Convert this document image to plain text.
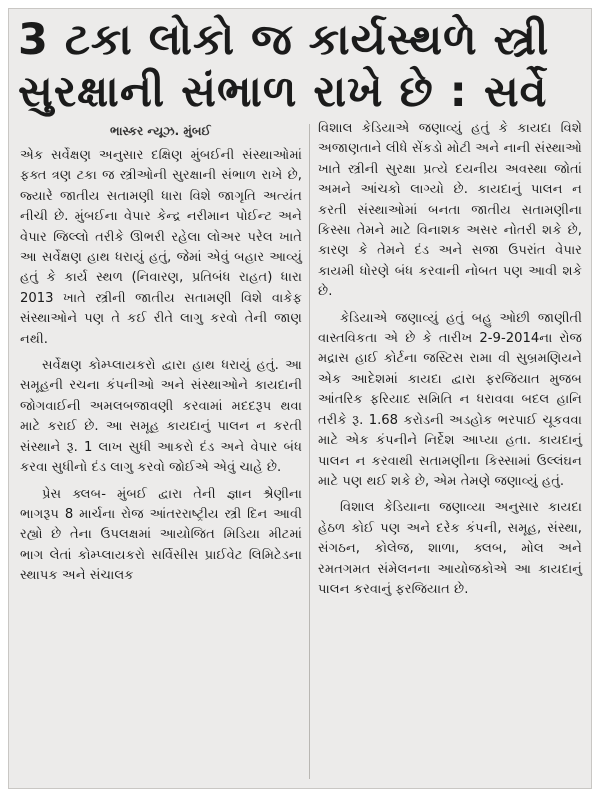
3 ટકા લોકો જ કાર્યસ્થળે સ્ત્રી
સુરક્ષાની સંભાળ રાખે છે : સર્વે
ભાસ્કર ન્યૂઝ. મુંબઈ

એક સર્વેક્ષણ અનુસાર દક્ષિણ મુંબઈની સંસ્થાઓમાં ફક્ત ત્રણ ટકા જ સ્ત્રીઓની સુરક્ષાની સંભાળ રાખે છે, જ્યારે જાતીય સતામણી ધારા વિશે જાગૃતિ અત્યંત નીચી છે. મુંબઈના વેપાર કેન્દ્ર નરીમાન પોઈન્ટ અને વેપાર જિલ્લો તરીકે ઊભરી રહેલા લોઅર પરેલ ખાતે આ સર્વેક્ષણ હાથ ધરાયું હતું, જેમાં એવું બહાર આવ્યું હતું કે કાર્ય સ્થળ (નિવારણ, પ્રતિબંધ રાહત) ધારા 2013 ખાતે સ્ત્રીની જાતીય સતામણી વિશે વાકેફ સંસ્થાઓને પણ તે કઈ રીતે લાગુ કરવો તેની જાણ નથી.

સર્વેક્ષણ કોમ્પ્લાયકરો દ્વારા હાથ ધરાયું હતું. આ સમૂહની રચના કંપનીઓ અને સંસ્થાઓને કાયદાની જોગવાઈની અમલબજાવણી કરવામાં મદદરૂપ થવા માટે કરાઈ છે. આ સમૂહ કાયદાનું પાલન ન કરતી સંસ્થાને રૂ. 1 લાખ સુધી આકરો દંડ અને વેપાર બંધ કરવા સુધીનો દંડ લાગુ કરવો જોઈએ એવું ચાહે છે.

પ્રેસ ક્લબ- મુંબઈ દ્વારા તેની જ્ઞાન શ્રેણીના ભાગરૂપ 8 માર્ચના રોજ આંતરરાષ્ટ્રીય સ્ત્રી દિન આવી રહ્યો છે તેના ઉપલક્ષમાં આયોજિત મિડિયા મીટમાં ભાગ લેતાં કોમ્પ્લાયકરો સર્વિસીસ પ્રાઈવેટ લિમિટેડના સ્થાપક અને સંચાલક

વિશાલ કેડિયાએ જણાવ્યું હતું કે કાયદા વિશે અજાણતાને લીધે સેંકડો મોટી અને નાની સંસ્થાઓ ખાતે સ્ત્રીની સુરક્ષા પ્રત્યે દયનીય અવસ્થા જોતાં અમને આંચકો લાગ્યો છે. કાયદાનું પાલન ન કરતી સંસ્થાઓમાં બનતા જાતીય સતામણીના કિસ્સા તેમને માટે વિનાશક અસર નોતરી શકે છે, કારણ કે તેમને દંડ અને સજા ઉપરાંત વેપાર કાયમી ધોરણે બંધ કરવાની નોબત પણ આવી શકે છે.

કેડિયાએ જણાવ્યું હતું બહુ ઓછી જાણીતી વાસ્તવિકતા એ છે કે તારીખ 2-9-2014ના રોજ મદ્રાસ હાઈ કોર્ટના જસ્ટિસ રામા વી સુબ્રમણિયને એક આદેશમાં કાયદા દ્વારા ફરજિયાત મુજબ આંતરિક ફરિયાદ સમિતિ ન ધરાવવા બદલ હાનિ તરીકે રૂ. 1.68 કરોડની અડહોક ભરપાઈ ચૂકવવા માટે એક કંપનીને નિર્દેશ આપ્યા હતા. કાયદાનું પાલન ન કરવાથી સતામણીના કિસ્સામાં ઉલ્લંઘન માટે પણ થઈ શકે છે, એમ તેમણે જણાવ્યું હતું.

વિશાલ કેડિયાના જણાવ્યા અનુસાર કાયદા હેઠળ કોઈ પણ અને દરેક કંપની, સમૂહ, સંસ્થા, સંગઠન, કોલેજ, શાળા, ક્લબ, મોલ અને રમતગમત સંમેલનના આયોજકોએ આ કાયદાનું પાલન કરવાનું ફરજિયાત છે.
